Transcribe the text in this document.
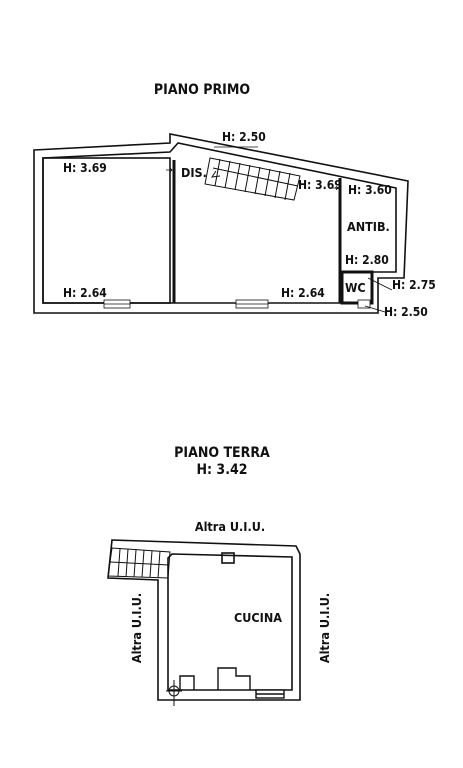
PIANO PRIMO
H: 3.69
H: 2.64
H: 2.50
DIS.
H: 3.69
H: 2.64
H: 3.60
ANTIB.
H: 2.80
WC H: 2.75
H: 2.50
PIANO TERRA
H: 3.42
CUCINA
Altra U.I.U.
Altra U.I.U.	Altra U.I.U.
